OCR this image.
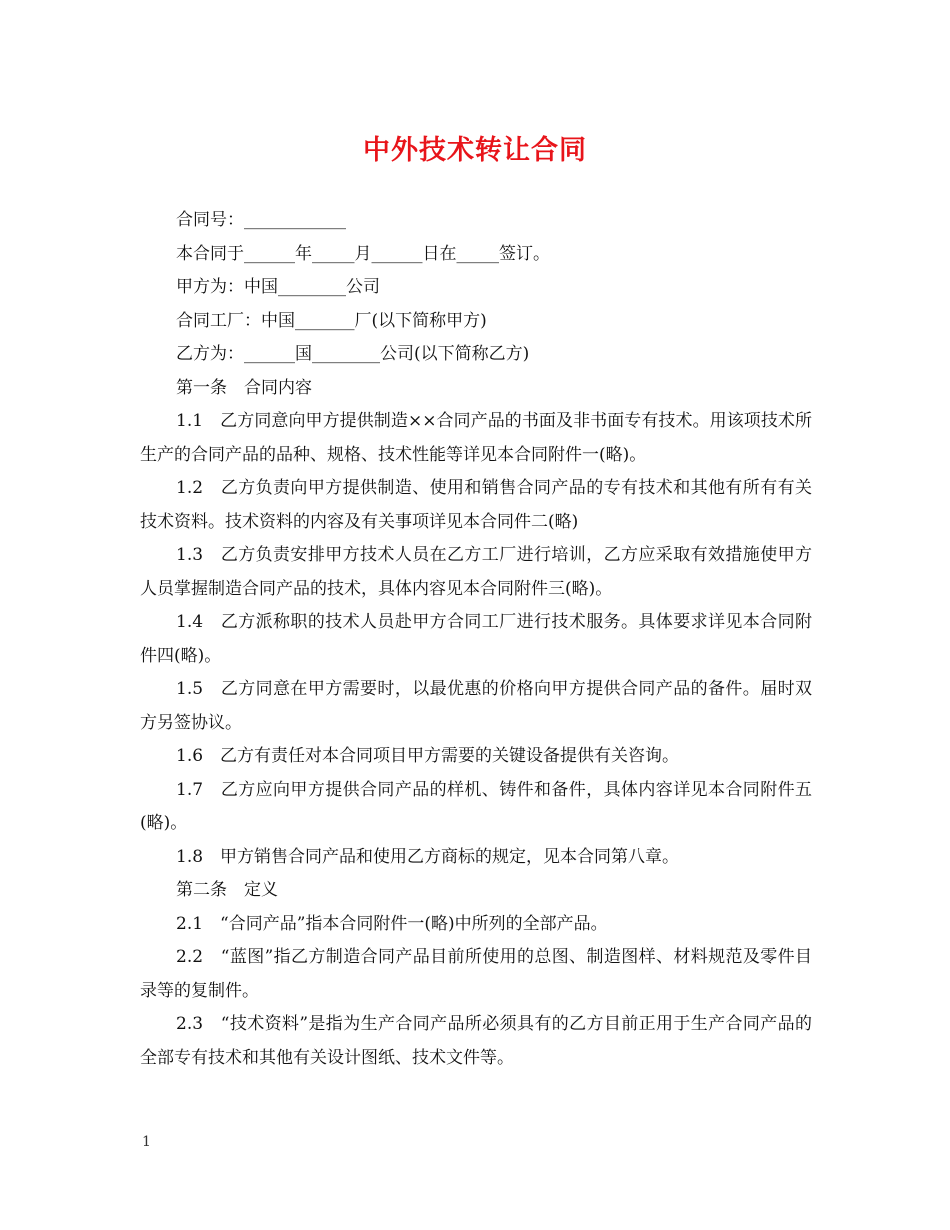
中外技术转让合同

合同号：____________

本合同于______年_____月______日在_____签订。

甲方为：中国________公司

合同工厂：中国_______厂(以下简称甲方)

乙方为：______国________公司(以下简称乙方)

第一条　合同内容

1.1　乙方同意向甲方提供制造××合同产品的书面及非书面专有技术。用该项技术所生产的合同产品的品种、规格、技术性能等详见本合同附件一(略)。

1.2　乙方负责向甲方提供制造、使用和销售合同产品的专有技术和其他有所有有关技术资料。技术资料的内容及有关事项详见本合同件二(略)

1.3　乙方负责安排甲方技术人员在乙方工厂进行培训，乙方应采取有效措施使甲方人员掌握制造合同产品的技术，具体内容见本合同附件三(略)。

1.4　乙方派称职的技术人员赴甲方合同工厂进行技术服务。具体要求详见本合同附件四(略)。

1.5　乙方同意在甲方需要时，以最优惠的价格向甲方提供合同产品的备件。届时双方另签协议。

1.6　乙方有责任对本合同项目甲方需要的关键设备提供有关咨询。

1.7　乙方应向甲方提供合同产品的样机、铸件和备件，具体内容详见本合同附件五(略)。

1.8　甲方销售合同产品和使用乙方商标的规定，见本合同第八章。

第二条　定义

2.1　“合同产品”指本合同附件一(略)中所列的全部产品。

2.2　“蓝图”指乙方制造合同产品目前所使用的总图、制造图样、材料规范及零件目录等的复制件。

2.3　“技术资料”是指为生产合同产品所必须具有的乙方目前正用于生产合同产品的全部专有技术和其他有关设计图纸、技术文件等。

1
